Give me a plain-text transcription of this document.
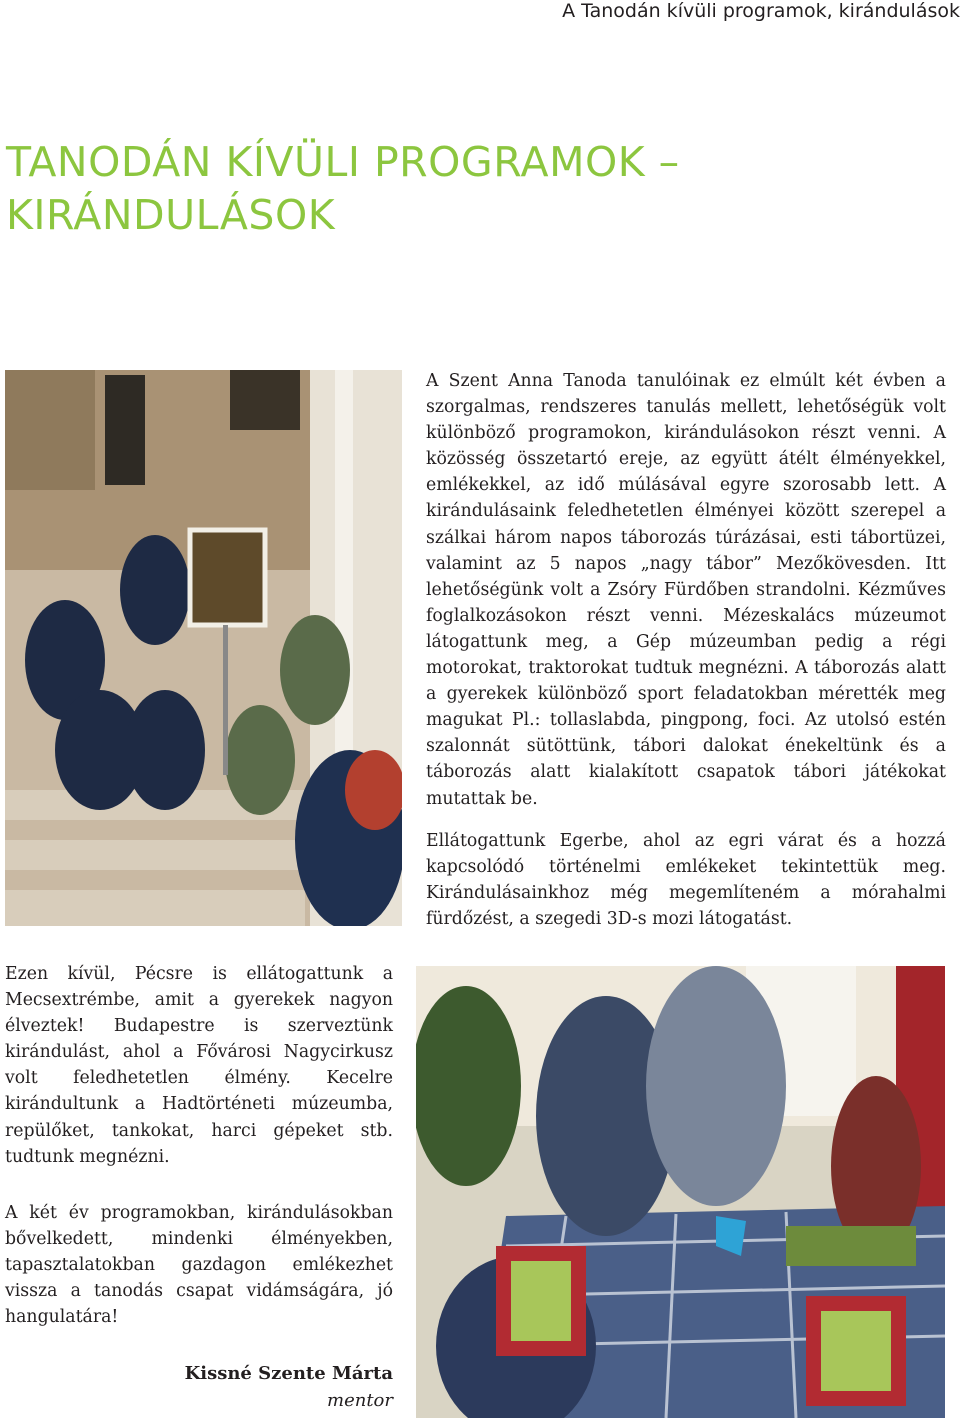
A Tanodán kívüli programok, kirándulások
TANODÁN KÍVÜLI PROGRAMOK –
KIRÁNDULÁSOK

A Szent Anna Tanoda tanulóinak ez elmúlt két évben a szorgalmas, rendszeres tanulás mellett, lehetőségük volt különböző programokon, kirándulásokon részt venni. A közösség összetartó ereje, az együtt átélt élményekkel, emlékekkel, az idő múlásával egyre szorosabb lett. A kirándulásaink feledhetetlen élményei között szerepel a szálkai három napos táborozás túrázásai, esti tábortüzei, valamint az 5 napos „nagy tábor” Mezőkövesden. Itt lehetőségünk volt a Zsóry Fürdőben strandolni. Kézműves foglalkozásokon részt venni. Mézeskalács múzeumot látogattunk meg, a Gép múzeumban pedig a régi motorokat, traktorokat tudtuk megnézni. A táborozás alatt a gyerekek különböző sport feladatokban mérették meg magukat Pl.: tollaslabda, pingpong, foci. Az utolsó estén szalonnát sütöttünk, tábori dalokat énekeltünk és a táborozás alatt kialakított csapatok tábori játékokat mutattak be.

Ellátogattunk Egerbe, ahol az egri várat és a hozzá kapcsolódó történelmi emlékeket tekintettük meg. Kirándulásainkhoz még megemlíteném a mórahalmi fürdőzést, a szegedi 3D-s mozi látogatást.

Ezen kívül, Pécsre is ellátogattunk a Mecsextrémbe, amit a gyerekek nagyon élveztek! Budapestre is szerveztünk kirándulást, ahol a Fővárosi Nagycirkusz volt feledhetetlen élmény. Kecelre kirándultunk a Hadtörténeti múzeumba, repülőket, tankokat, harci gépeket stb. tudtunk megnézni.

A két év programokban, kirándulásokban bővelkedett, mindenki élményekben, tapasztalatokban gazdagon emlékezhet vissza a tanodás csapat vidámságára, jó hangulatára!

Kissné Szente Márta
mentor
